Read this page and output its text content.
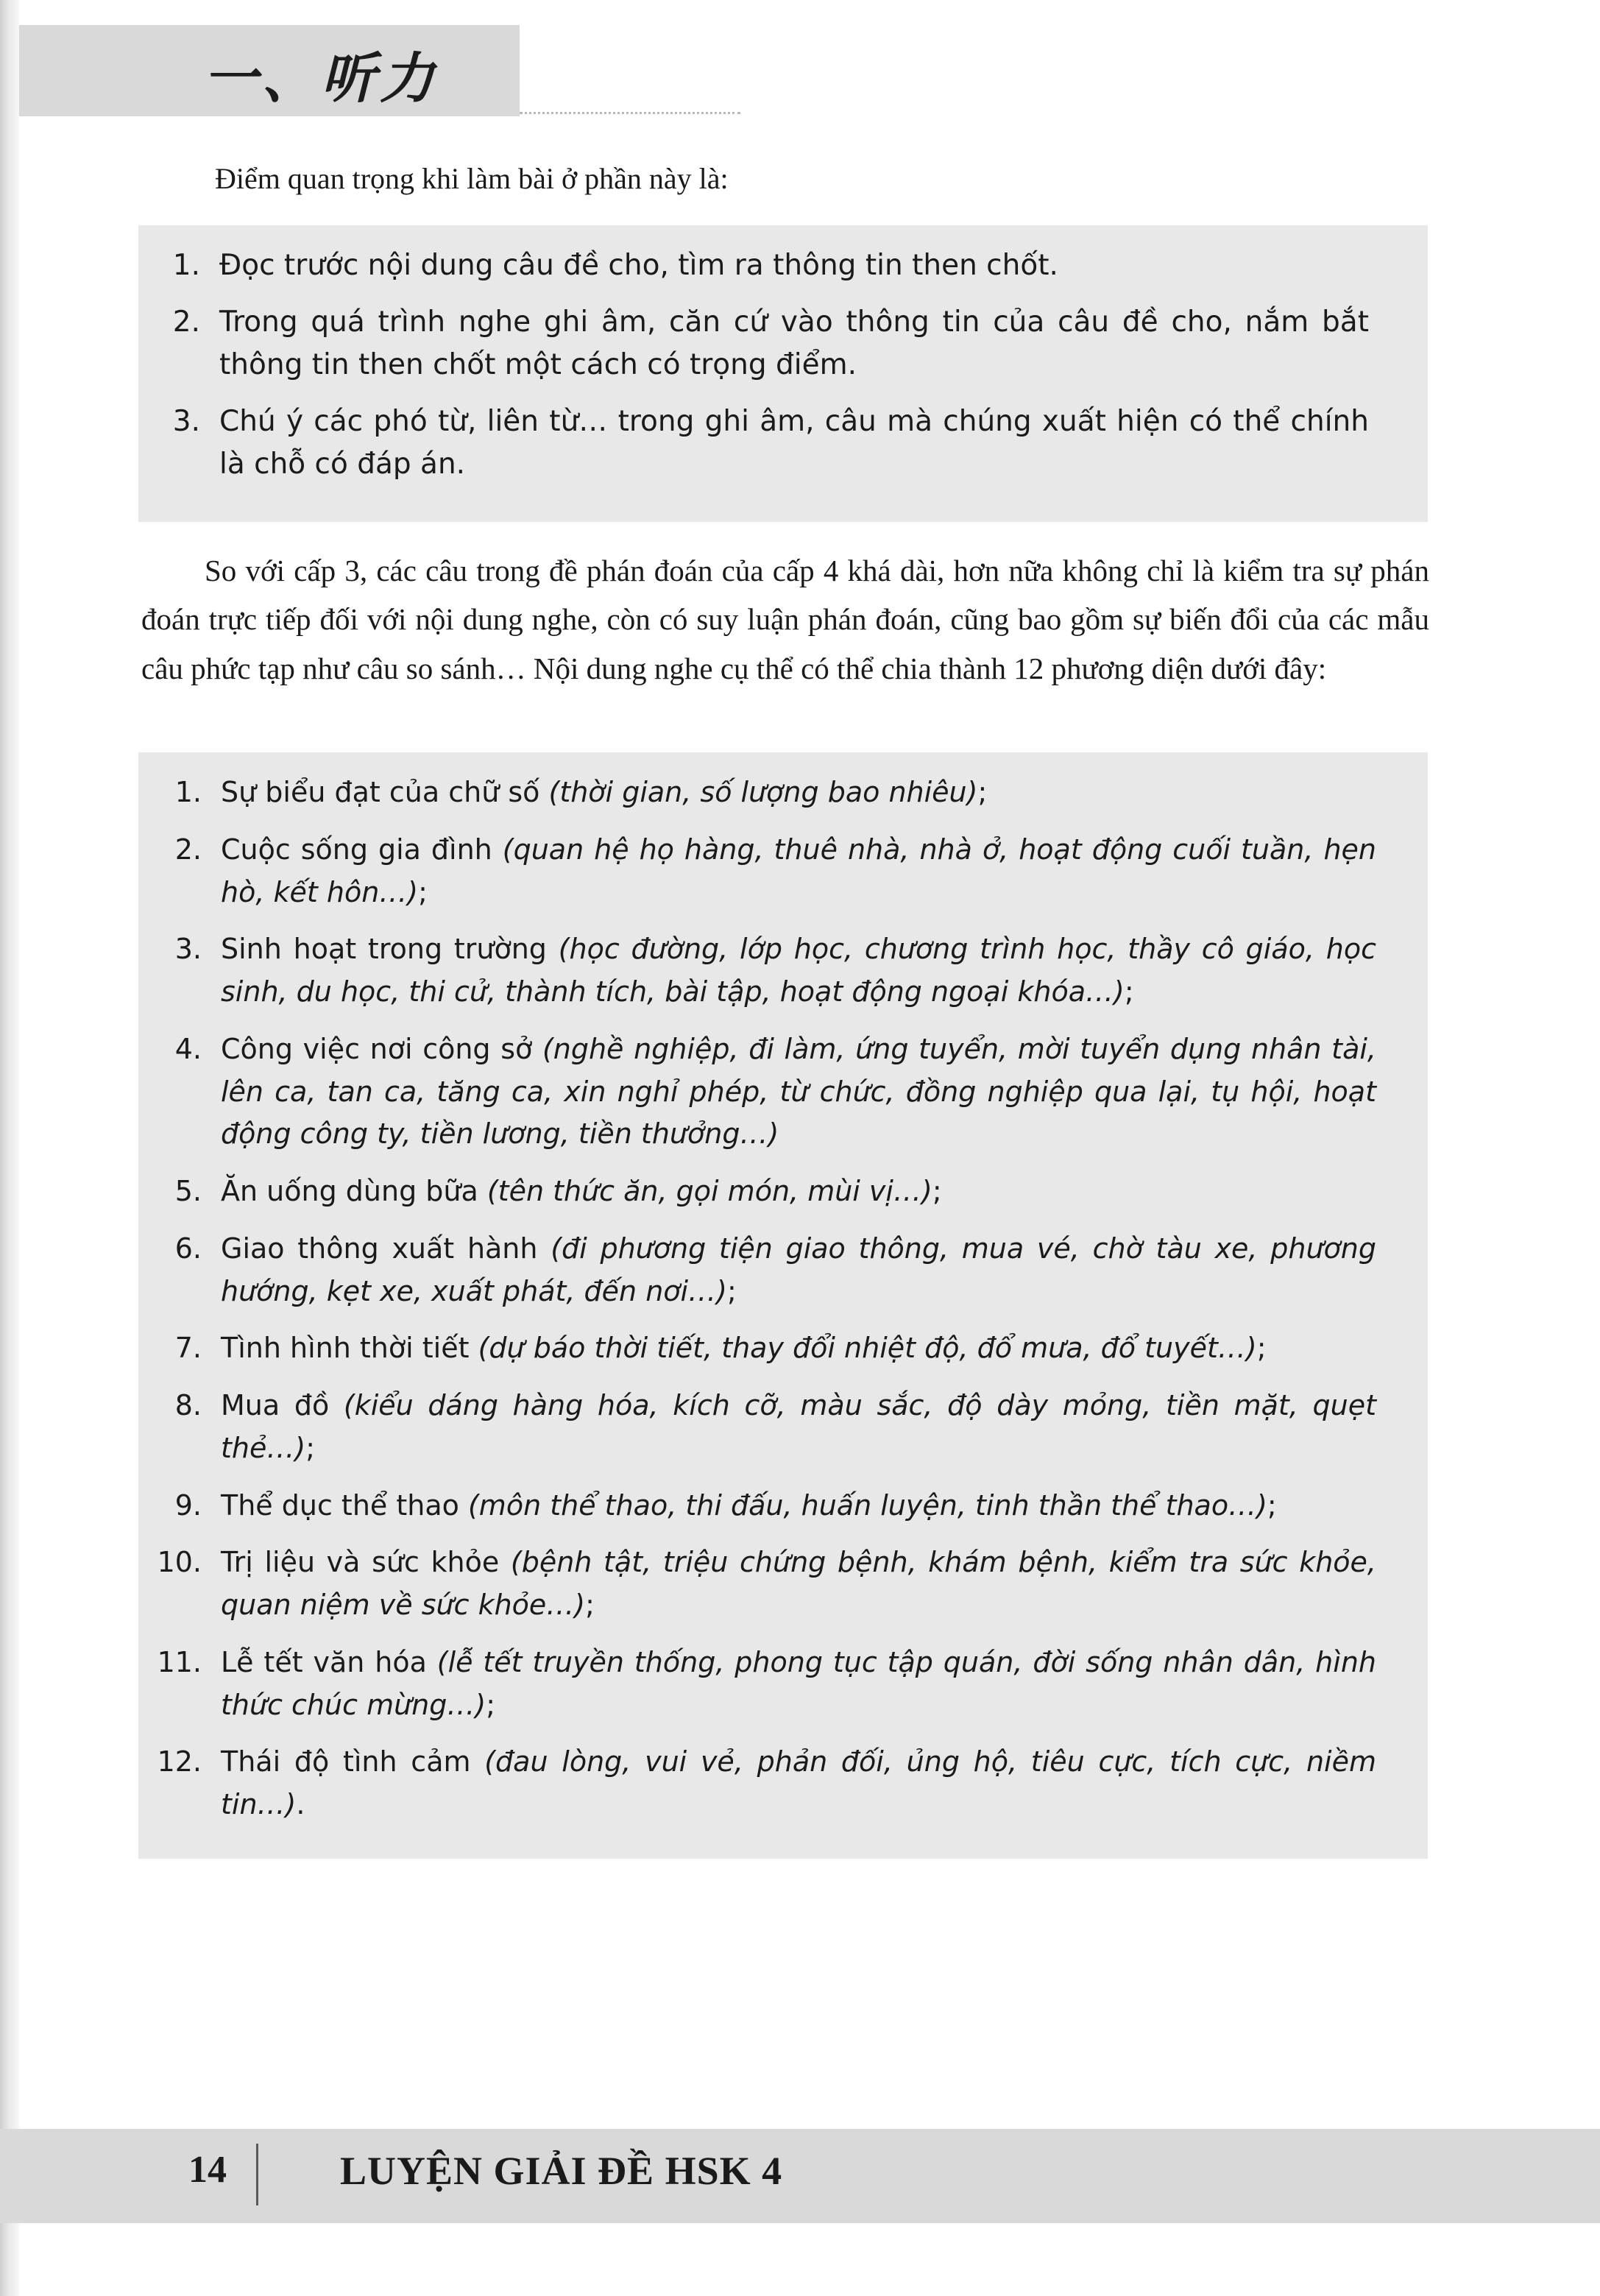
一、听力
Điểm quan trọng khi làm bài ở phần này là:
1. Đọc trước nội dung câu đề cho, tìm ra thông tin then chốt.
2. Trong quá trình nghe ghi âm, căn cứ vào thông tin của câu đề cho, nắm bắt thông tin then chốt một cách có trọng điểm.
3. Chú ý các phó từ, liên từ… trong ghi âm, câu mà chúng xuất hiện có thể chính là chỗ có đáp án.
So với cấp 3, các câu trong đề phán đoán của cấp 4 khá dài, hơn nữa không chỉ là kiểm tra sự phán đoán trực tiếp đối với nội dung nghe, còn có suy luận phán đoán, cũng bao gồm sự biến đổi của các mẫu câu phức tạp như câu so sánh… Nội dung nghe cụ thể có thể chia thành 12 phương diện dưới đây:
1. Sự biểu đạt của chữ số (thời gian, số lượng bao nhiêu);
2. Cuộc sống gia đình (quan hệ họ hàng, thuê nhà, nhà ở, hoạt động cuối tuần, hẹn hò, kết hôn…);
3. Sinh hoạt trong trường (học đường, lớp học, chương trình học, thầy cô giáo, học sinh, du học, thi cử, thành tích, bài tập, hoạt động ngoại khóa…);
4. Công việc nơi công sở (nghề nghiệp, đi làm, ứng tuyển, mời tuyển dụng nhân tài, lên ca, tan ca, tăng ca, xin nghỉ phép, từ chức, đồng nghiệp qua lại, tụ hội, hoạt động công ty, tiền lương, tiền thưởng…)
5. Ăn uống dùng bữa (tên thức ăn, gọi món, mùi vị…);
6. Giao thông xuất hành (đi phương tiện giao thông, mua vé, chờ tàu xe, phương hướng, kẹt xe, xuất phát, đến nơi…);
7. Tình hình thời tiết (dự báo thời tiết, thay đổi nhiệt độ, đổ mưa, đổ tuyết…);
8. Mua đồ (kiểu dáng hàng hóa, kích cỡ, màu sắc, độ dày mỏng, tiền mặt, quẹt thẻ…);
9. Thể dục thể thao (môn thể thao, thi đấu, huấn luyện, tinh thần thể thao…);
10. Trị liệu và sức khỏe (bệnh tật, triệu chứng bệnh, khám bệnh, kiểm tra sức khỏe, quan niệm về sức khỏe…);
11. Lễ tết văn hóa (lễ tết truyền thống, phong tục tập quán, đời sống nhân dân, hình thức chúc mừng…);
12. Thái độ tình cảm (đau lòng, vui vẻ, phản đối, ủng hộ, tiêu cực, tích cực, niềm tin…).
14	LUYỆN GIẢI ĐỀ HSK 4
